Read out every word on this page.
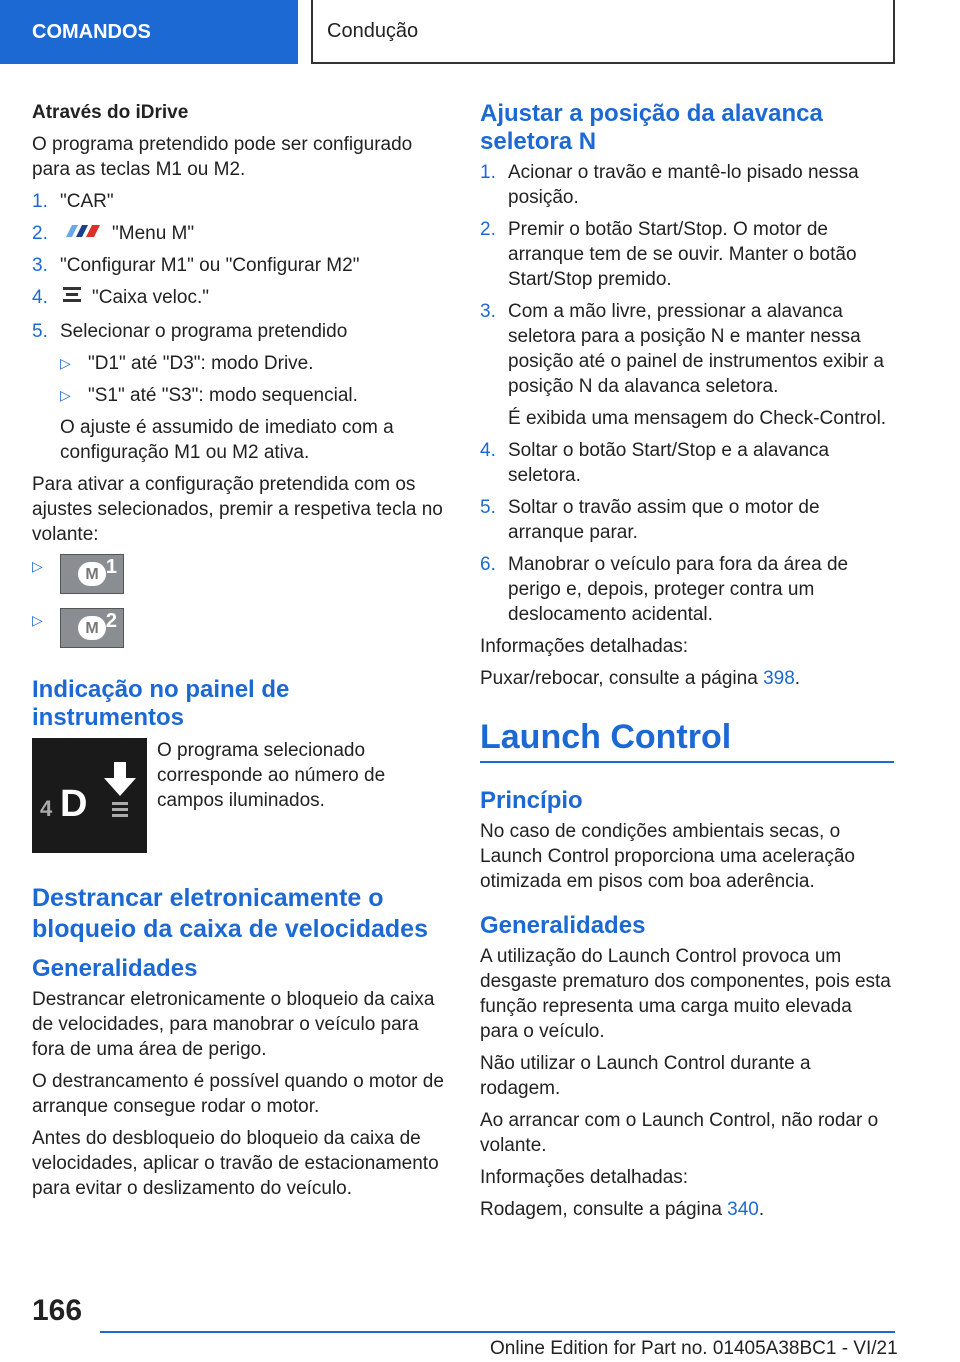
COMANDOS	Condução

Através do iDrive

O programa pretendido pode ser configurado para as teclas M1 ou M2.

1. "CAR"
2.	"Menu M"
3. "Configurar M1" ou "Configurar M2"
4.	"Caixa veloc."
5. Selecionar o programa pretendido
▷ "D1" até "D3": modo Drive.
▷ "S1" até "S3": modo sequencial.

O ajuste é assumido de imediato com a configuração M1 ou M2 ativa.

Para ativar a configuração pretendida com os ajustes selecionados, premir a respetiva tecla no volante:

▷	M 1
▷	M 2

Indicação no painel de instrumentos

4 D

O programa selecionado corresponde ao número de campos iluminados.

Destrancar eletronicamente o bloqueio da caixa de velocidades

Generalidades

Destrancar eletronicamente o bloqueio da caixa de velocidades, para manobrar o veículo para fora de uma área de perigo.

O destrancamento é possível quando o motor de arranque consegue rodar o motor.

Antes do desbloqueio do bloqueio da caixa de velocidades, aplicar o travão de estacionamento para evitar o deslizamento do veículo.

Ajustar a posição da alavanca seletora N

1. Acionar o travão e mantê-lo pisado nessa posição.
2. Premir o botão Start/Stop. O motor de arranque tem de se ouvir. Manter o botão Start/Stop premido.
3. Com a mão livre, pressionar a alavanca seletora para a posição N e manter nessa posição até o painel de instrumentos exibir a posição N da alavanca seletora.

É exibida uma mensagem do Check-Control.

4. Soltar o botão Start/Stop e a alavanca seletora.
5. Soltar o travão assim que o motor de arranque parar.
6. Manobrar o veículo para fora da área de perigo e, depois, proteger contra um deslocamento acidental.

Informações detalhadas:

Puxar/rebocar, consulte a página 398.

Launch Control

Princípio

No caso de condições ambientais secas, o Launch Control proporciona uma aceleração otimizada em pisos com boa aderência.

Generalidades

A utilização do Launch Control provoca um desgaste prematuro dos componentes, pois esta função representa uma carga muito elevada para o veículo.

Não utilizar o Launch Control durante a rodagem.

Ao arrancar com o Launch Control, não rodar o volante.

Informações detalhadas:

Rodagem, consulte a página 340.

166
Online Edition for Part no. 01405A38BC1 - VI/21
